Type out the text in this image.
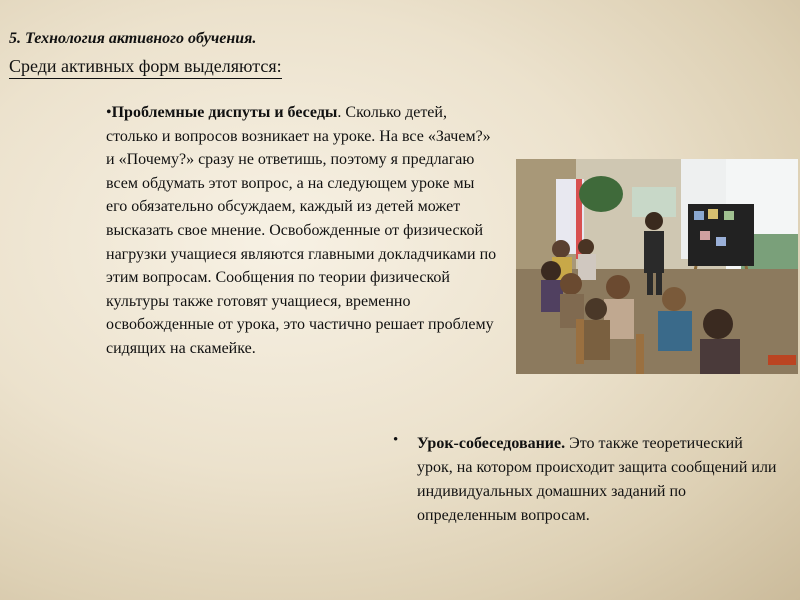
5. Технология активного обучения.
Среди активных форм выделяются:
•Проблемные диспуты и беседы. Сколько детей, столько и вопросов возникает на уроке. На все «Зачем?» и «Почему?» сразу не ответишь, поэтому я предлагаю всем обдумать этот вопрос, а на следующем уроке мы его обязательно обсуждаем, каждый из детей может высказать свое мнение. Освобожденные от физической нагрузки учащиеся являются главными докладчиками по этим вопросам. Сообщения по теории физической культуры также готовят учащиеся, временно освобожденные от урока, это частично решает проблему сидящих на скамейке.
• Урок-собеседование. Это также теоретический урок, на котором происходит защита сообщений или индивидуальных домашних заданий по определенным вопросам.
